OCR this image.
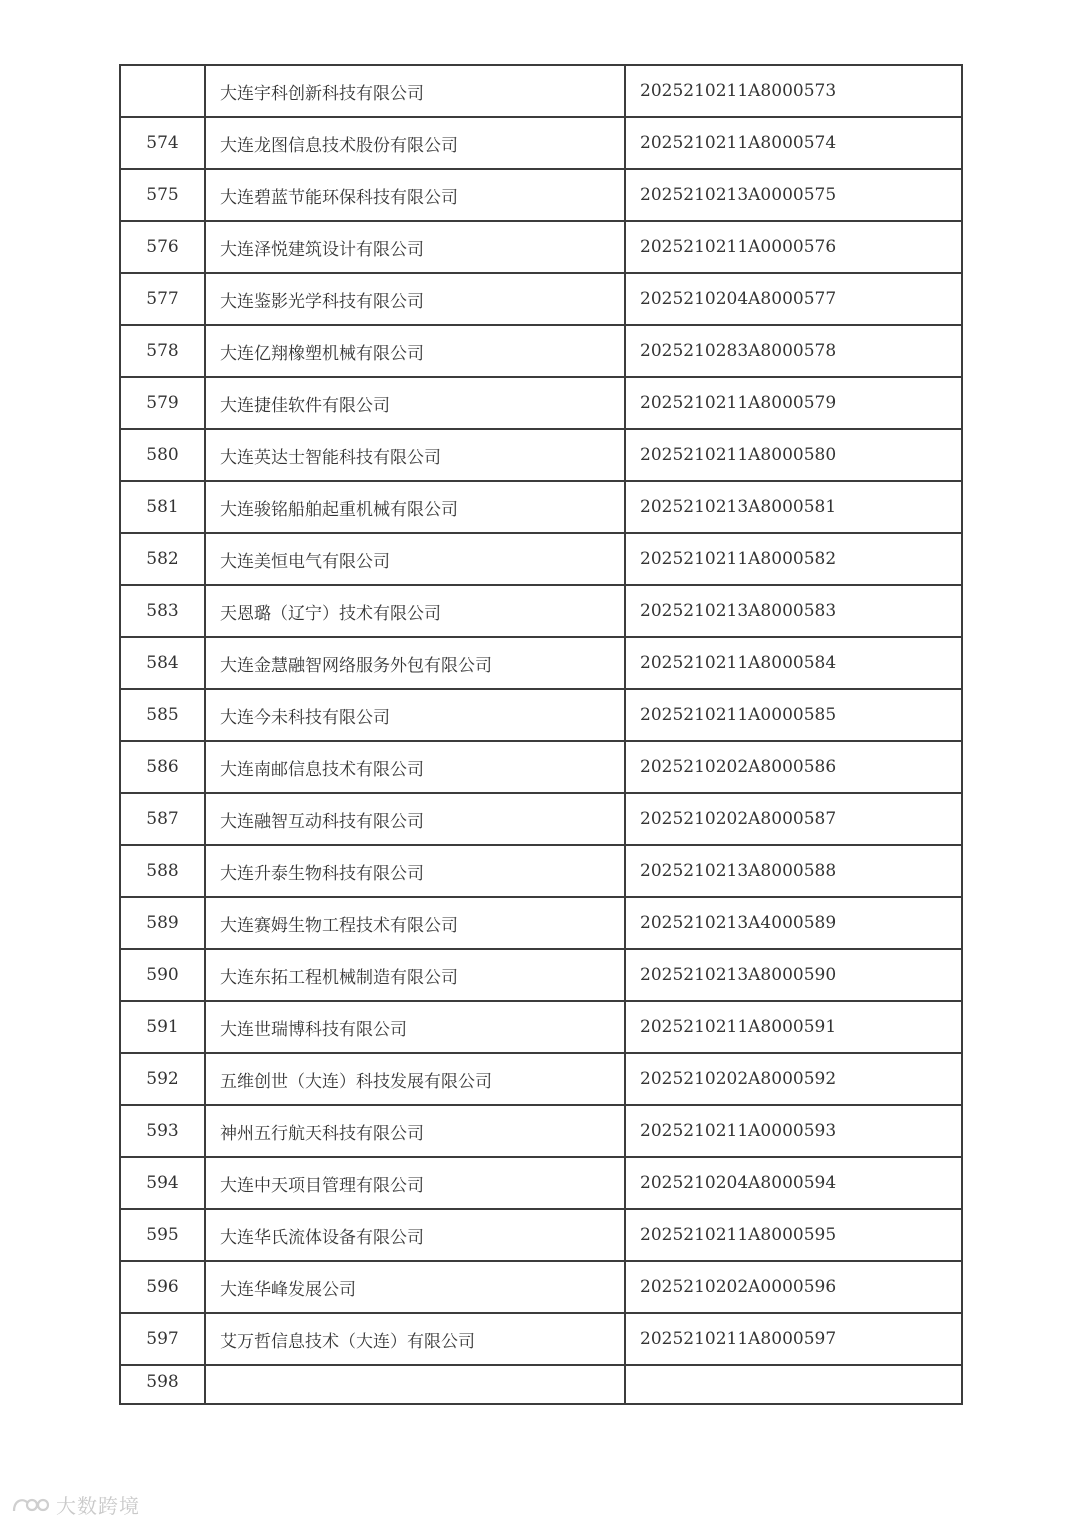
	大连宇科创新科技有限公司	2025210211A8000573
574	大连龙图信息技术股份有限公司	2025210211A8000574
575	大连碧蓝节能环保科技有限公司	2025210213A0000575
576	大连泽悦建筑设计有限公司	2025210211A0000576
577	大连鉴影光学科技有限公司	2025210204A8000577
578	大连亿翔橡塑机械有限公司	2025210283A8000578
579	大连捷佳软件有限公司	2025210211A8000579
580	大连英达士智能科技有限公司	2025210211A8000580
581	大连骏铭船舶起重机械有限公司	2025210213A8000581
582	大连美恒电气有限公司	2025210211A8000582
583	天恩璐（辽宁）技术有限公司	2025210213A8000583
584	大连金慧融智网络服务外包有限公司	2025210211A8000584
585	大连今未科技有限公司	2025210211A0000585
586	大连南邮信息技术有限公司	2025210202A8000586
587	大连融智互动科技有限公司	2025210202A8000587
588	大连升泰生物科技有限公司	2025210213A8000588
589	大连赛姆生物工程技术有限公司	2025210213A4000589
590	大连东拓工程机械制造有限公司	2025210213A8000590
591	大连世瑞博科技有限公司	2025210211A8000591
592	五维创世（大连）科技发展有限公司	2025210202A8000592
593	神州五行航天科技有限公司	2025210211A0000593
594	大连中天项目管理有限公司	2025210204A8000594
595	大连华氏流体设备有限公司	2025210211A8000595
596	大连华峰发展公司	2025210202A0000596
597	艾万哲信息技术（大连）有限公司	2025210211A8000597
598		
大数跨境
